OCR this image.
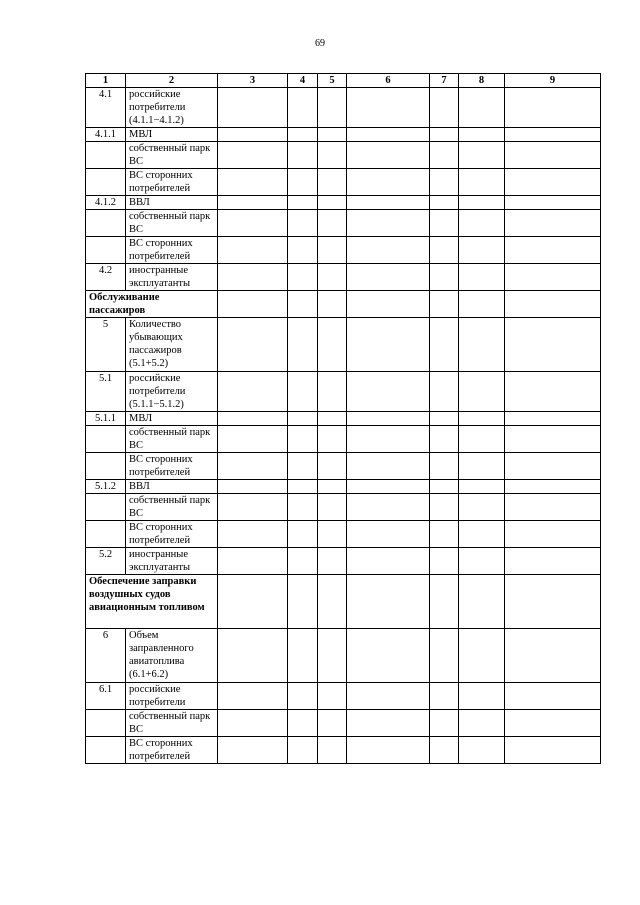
69
1	2	3	4	5	6	7	8	9
4.1	российские потребители (4.1.1−4.1.2)							
4.1.1	МВЛ							
	собственный парк ВС							
	ВС сторонних потребителей							
4.1.2	ВВЛ							
	собственный парк ВС							
	ВС сторонних потребителей							
4.2	иностранные эксплуатанты							
Обслуживание пассажиров								
5	Количество убывающих пассажиров (5.1+5.2)							
5.1	российские потребители (5.1.1−5.1.2)							
5.1.1	МВЛ							
	собственный парк ВС							
	ВС сторонних потребителей							
5.1.2	ВВЛ							
	собственный парк ВС							
	ВС сторонних потребителей							
5.2	иностранные эксплуатанты							
Обеспечение заправки воздушных судов авиационным топливом								
6	Объем заправленного авиатоплива (6.1+6.2)							
6.1	российские потребители							
	собственный парк ВС							
	ВС сторонних потребителей							
